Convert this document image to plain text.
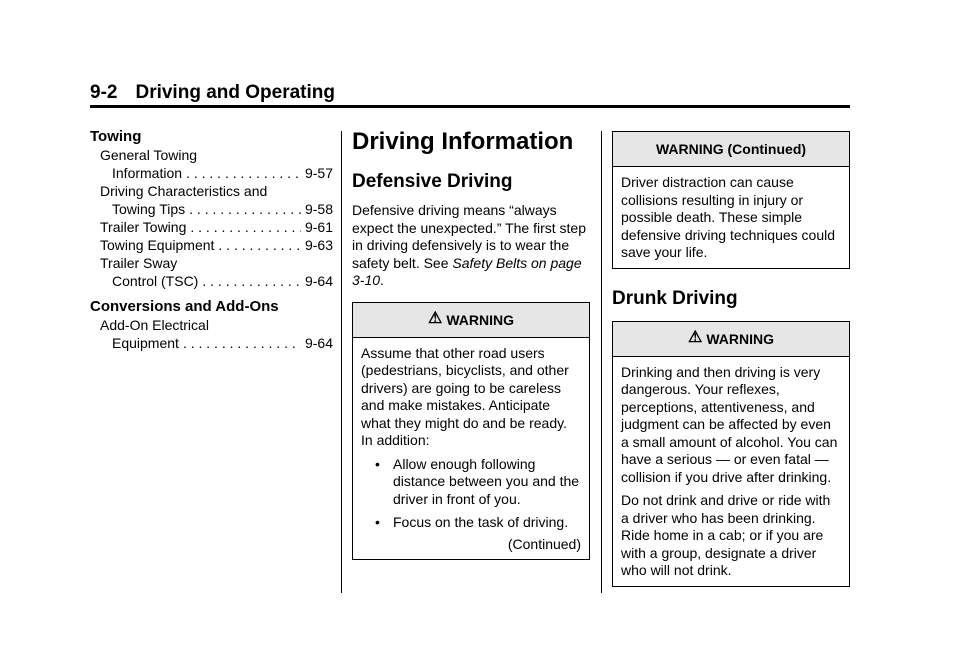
9-2 Driving and Operating
Towing
General Towing
Information . . .	9-57
Driving Characteristics and
Towing Tips . . .	9-58
Trailer Towing . . .	9-61
Towing Equipment . . .	9-63
Trailer Sway
Control (TSC) . . .	9-64
Conversions and Add-Ons
Add-On Electrical
Equipment . . .	9-64
Driving Information
Defensive Driving

Defensive driving means “always expect the unexpected.” The first step in driving defensively is to wear the safety belt. See Safety Belts on page 3-10.

⚠ WARNING

Assume that other road users (pedestrians, bicyclists, and other drivers) are going to be careless and make mistakes. Anticipate what they might do and be ready. In addition:

• Allow enough following distance between you and the driver in front of you.
• Focus on the task of driving.
(Continued)
WARNING (Continued)

Driver distraction can cause collisions resulting in injury or possible death. These simple defensive driving techniques could save your life.

Drunk Driving
⚠ WARNING

Drinking and then driving is very dangerous. Your reflexes, perceptions, attentiveness, and judgment can be affected by even a small amount of alcohol. You can have a serious — or even fatal — collision if you drive after drinking.

Do not drink and drive or ride with a driver who has been drinking. Ride home in a cab; or if you are with a group, designate a driver who will not drink.
